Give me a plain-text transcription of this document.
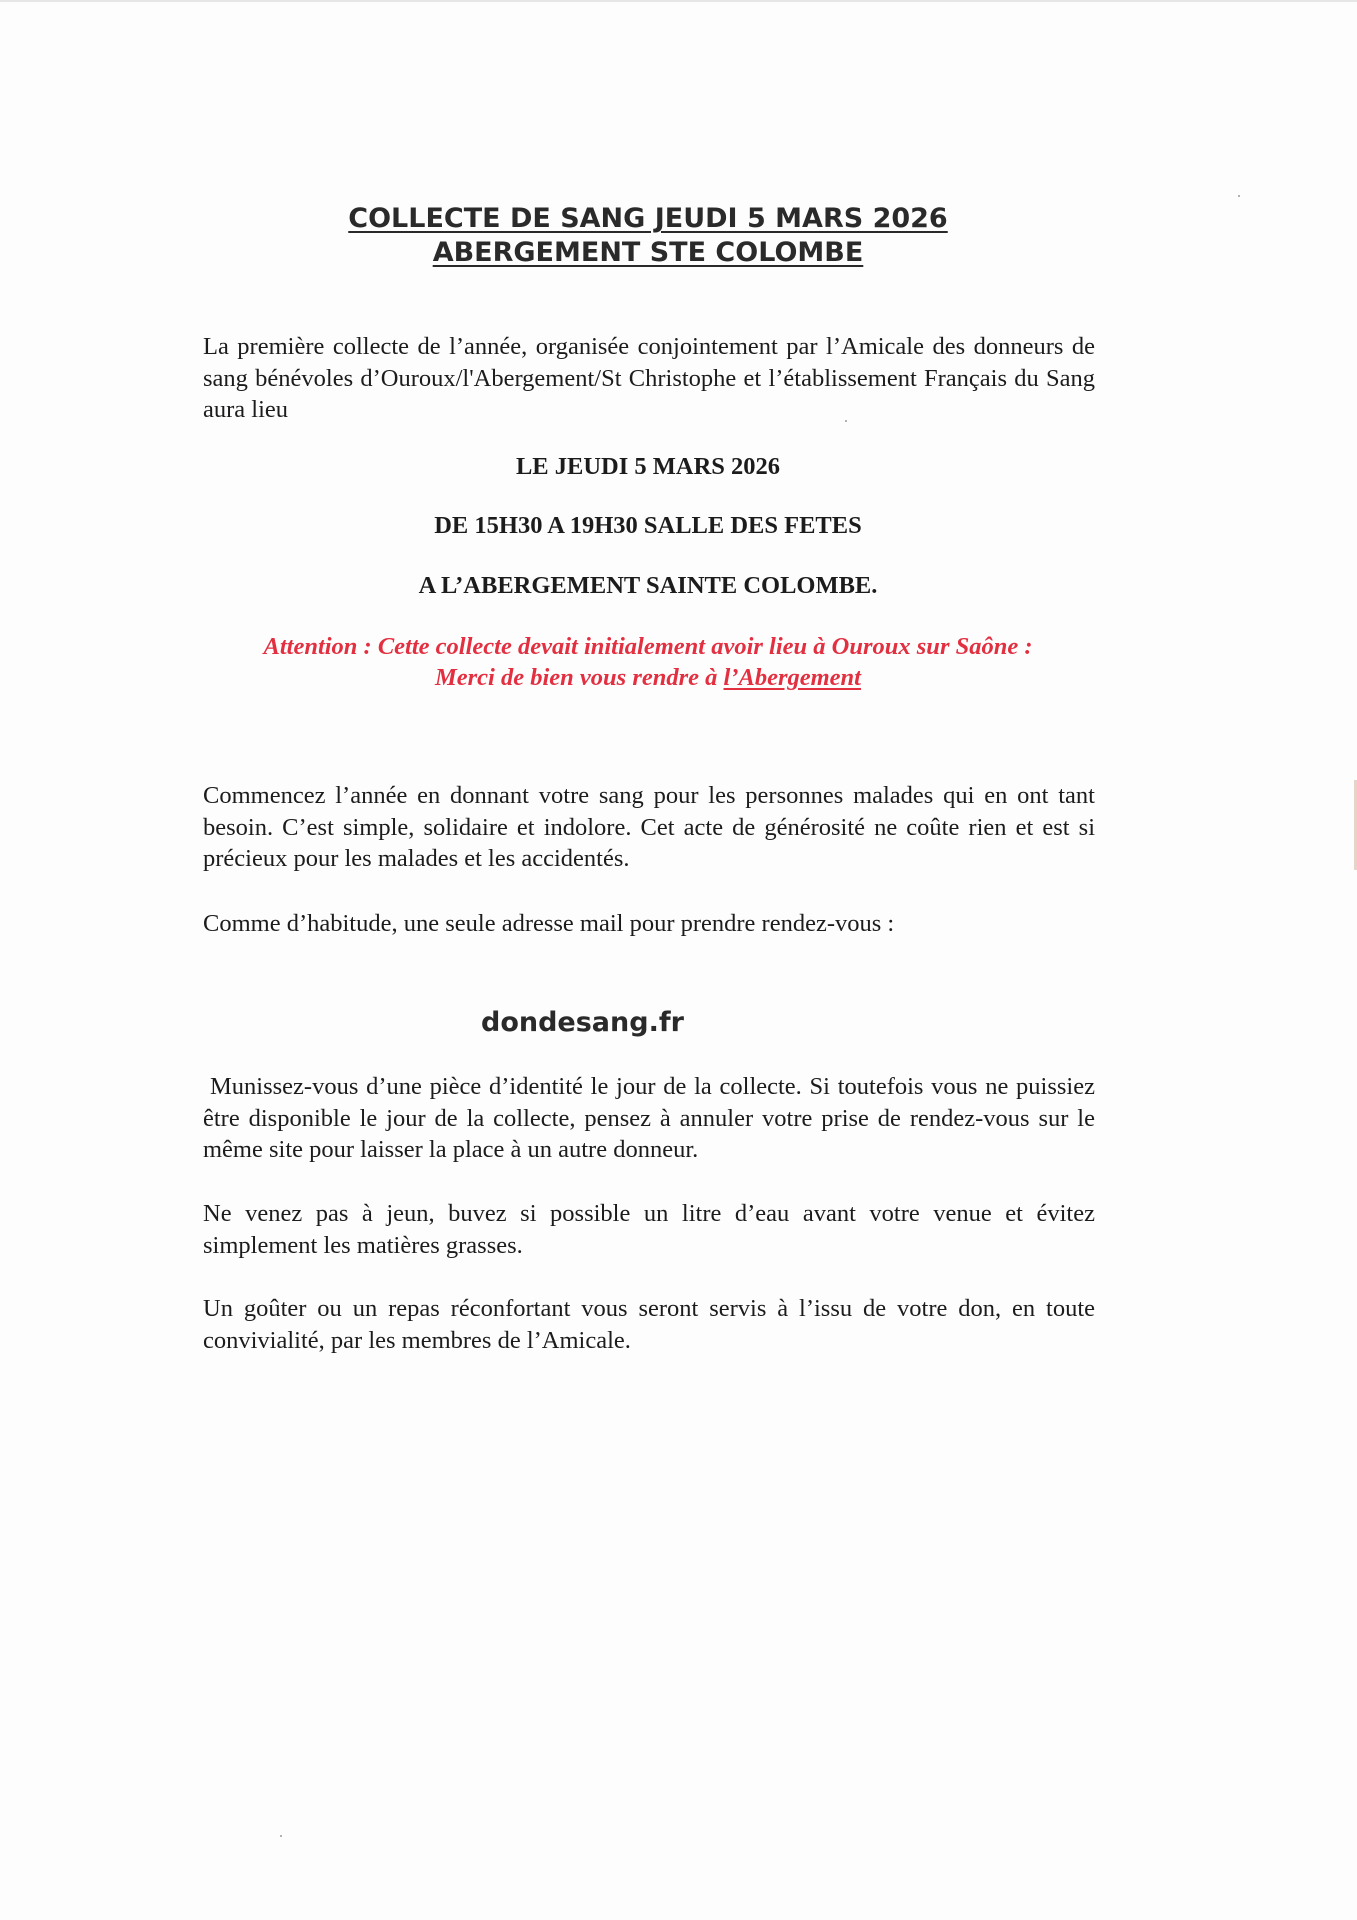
COLLECTE DE SANG JEUDI 5 MARS 2026
ABERGEMENT STE COLOMBE

La première collecte de l’année, organisée conjointement par l’Amicale des donneurs de sang bénévoles d’Ouroux/l'Abergement/St Christophe et l’établissement Français du Sang aura lieu

LE JEUDI 5 MARS 2026

DE 15H30 A 19H30 SALLE DES FETES

A L’ABERGEMENT SAINTE COLOMBE.

Attention : Cette collecte devait initialement avoir lieu à Ouroux sur Saône :

Merci de bien vous rendre à l’Abergement

Commencez l’année en donnant votre sang pour les personnes malades qui en ont tant besoin. C’est simple, solidaire et indolore. Cet acte de générosité ne coûte rien et est si précieux pour les malades et les accidentés.

Comme d’habitude, une seule adresse mail pour prendre rendez-vous :

dondesang.fr

Munissez-vous d’une pièce d’identité le jour de la collecte. Si toutefois vous ne puissiez être disponible le jour de la collecte, pensez à annuler votre prise de rendez-vous sur le même site pour laisser la place à un autre donneur.

Ne venez pas à jeun, buvez si possible un litre d’eau avant votre venue et évitez simplement les matières grasses.

Un goûter ou un repas réconfortant vous seront servis à l’issu de votre don, en toute convivialité, par les membres de l’Amicale.
